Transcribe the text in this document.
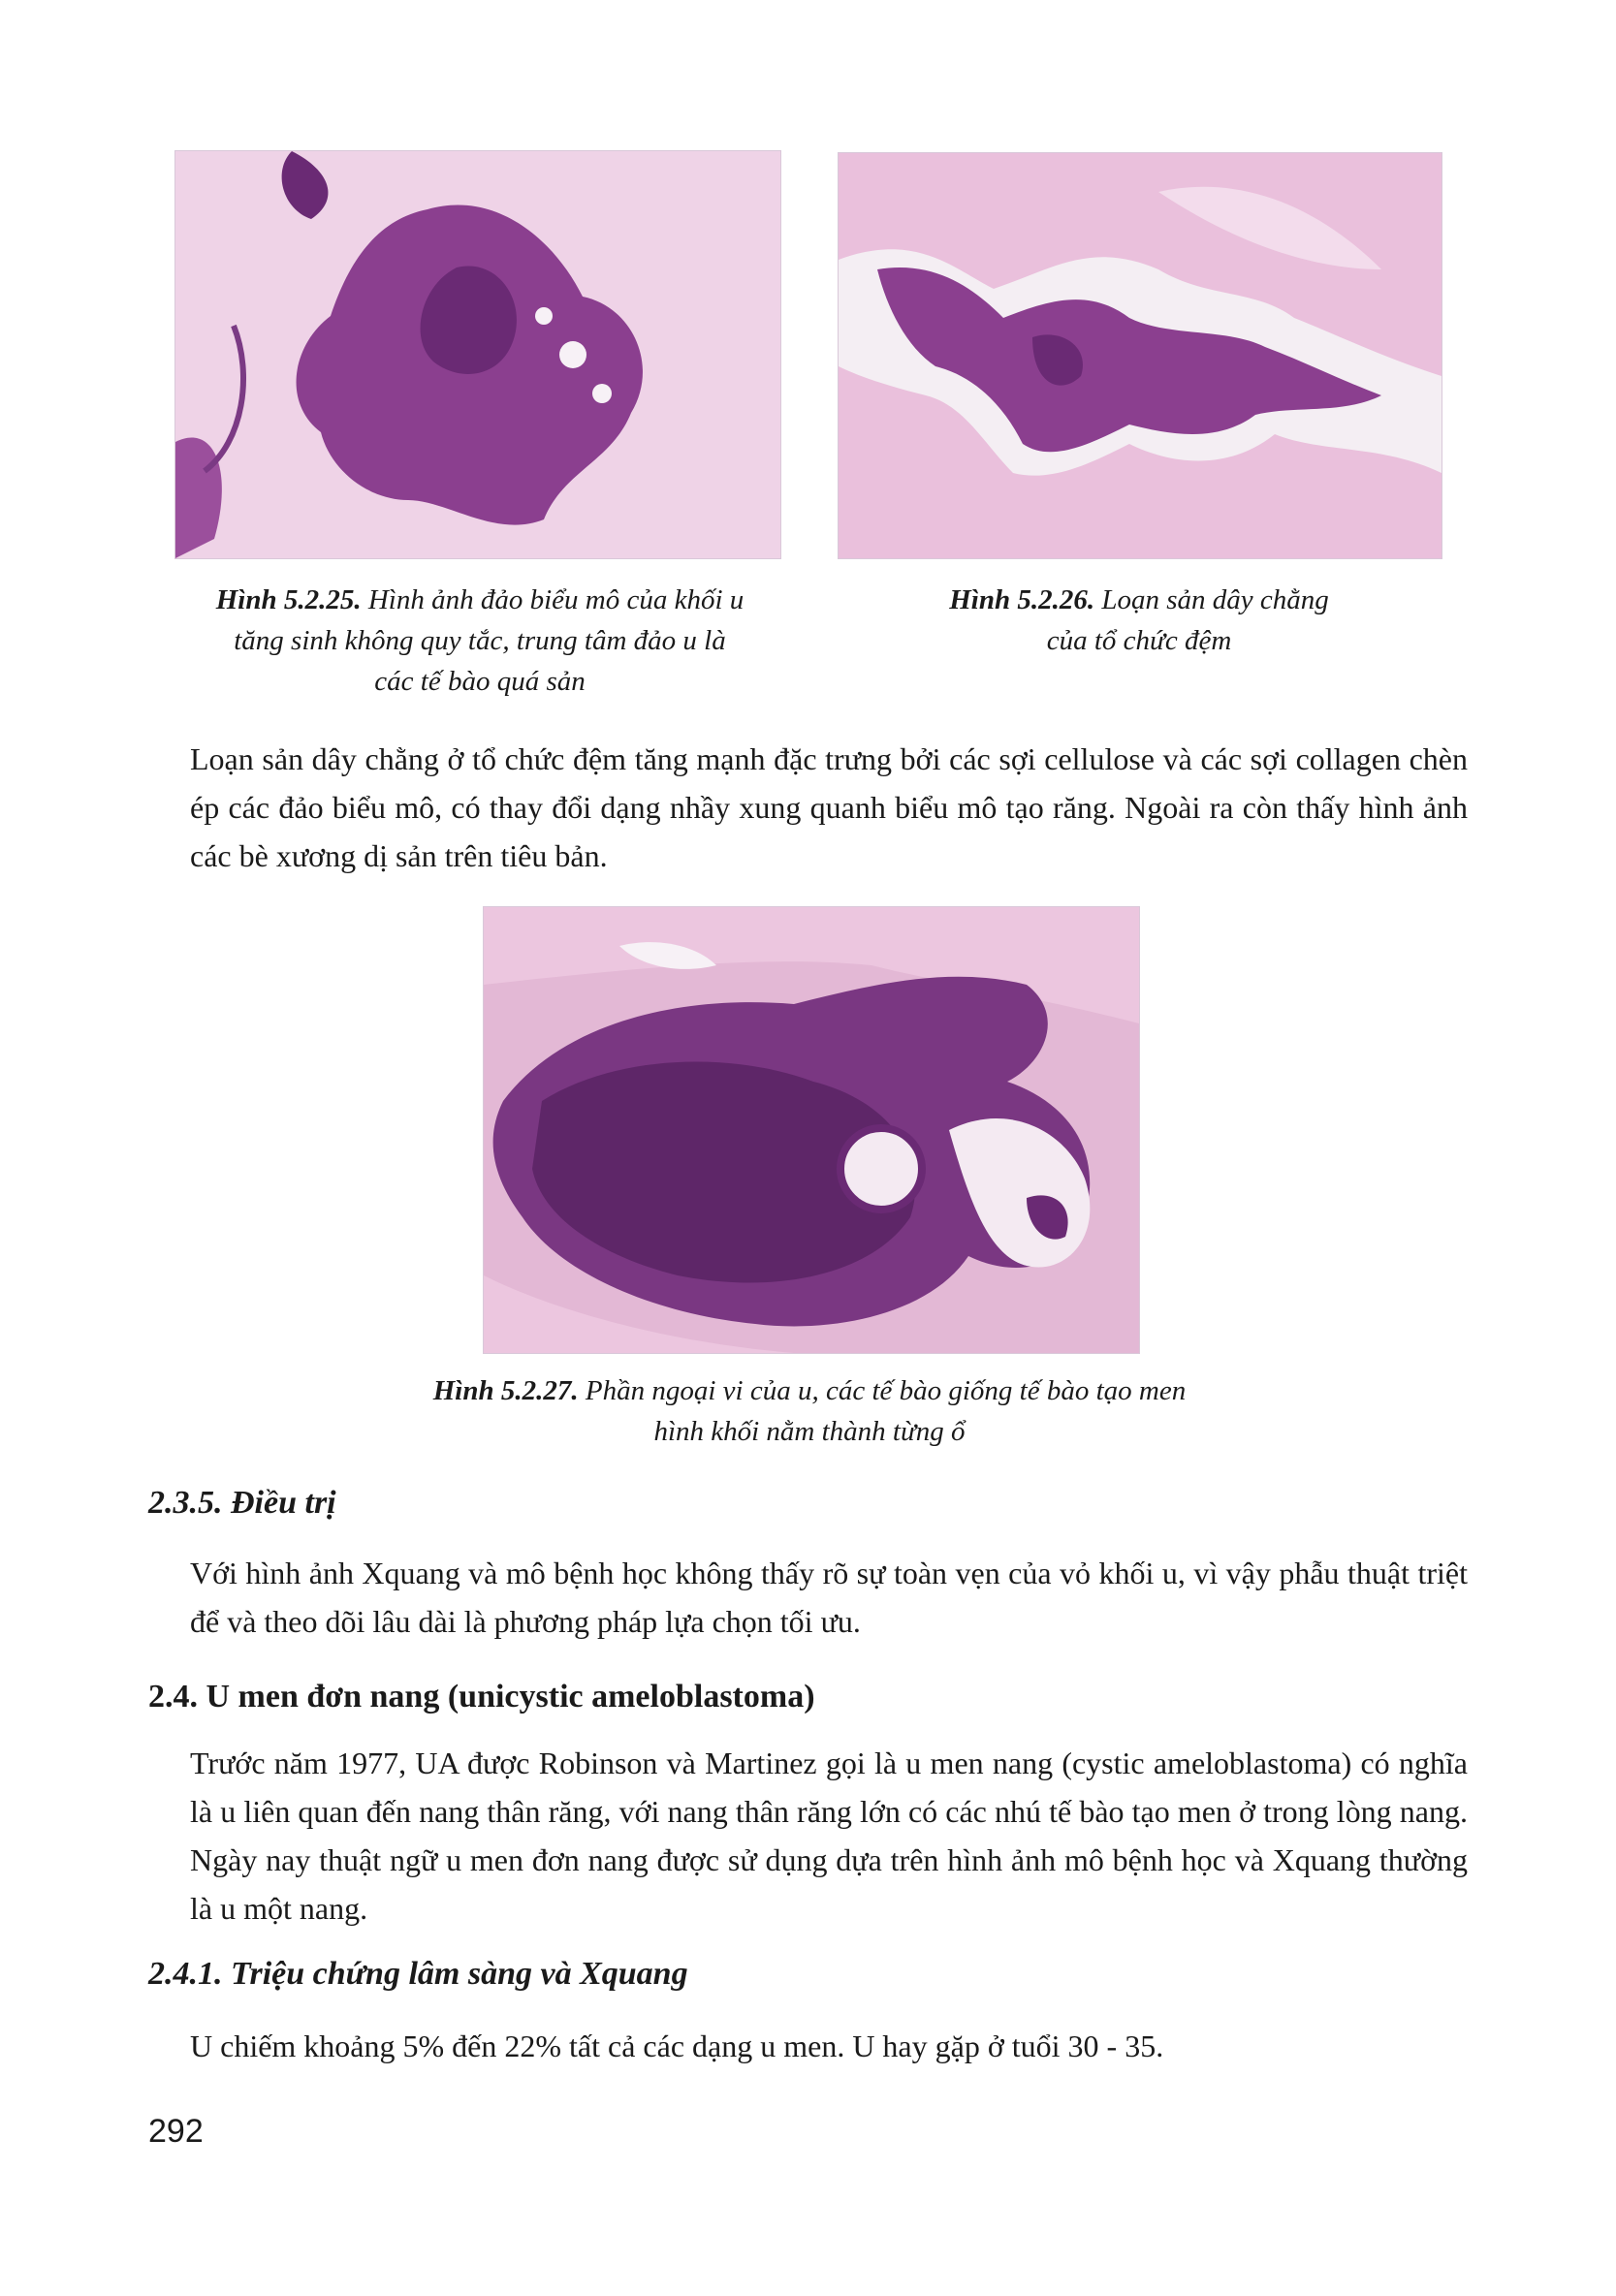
Hình 5.2.25. Hình ảnh đảo biểu mô của khối u
tăng sinh không quy tắc, trung tâm đảo u là
các tế bào quá sản
Hình 5.2.26. Loạn sản dây chằng
của tổ chức đệm

Loạn sản dây chằng ở tổ chức đệm tăng mạnh đặc trưng bởi các sợi cellulose và các sợi collagen chèn ép các đảo biểu mô, có thay đổi dạng nhầy xung quanh biểu mô tạo răng. Ngoài ra còn thấy hình ảnh các bè xương dị sản trên tiêu bản.

Hình 5.2.27. Phần ngoại vi của u, các tế bào giống tế bào tạo men
hình khối nằm thành từng ổ
2.3.5. Điều trị

Với hình ảnh Xquang và mô bệnh học không thấy rõ sự toàn vẹn của vỏ khối u, vì vậy phẫu thuật triệt để và theo dõi lâu dài là phương pháp lựa chọn tối ưu.

2.4. U men đơn nang (unicystic ameloblastoma)

Trước năm 1977, UA được Robinson và Martinez gọi là u men nang (cystic ameloblastoma) có nghĩa là u liên quan đến nang thân răng, với nang thân răng lớn có các nhú tế bào tạo men ở trong lòng nang. Ngày nay thuật ngữ u men đơn nang được sử dụng dựa trên hình ảnh mô bệnh học và Xquang thường là u một nang.

2.4.1. Triệu chứng lâm sàng và Xquang

U chiếm khoảng 5% đến 22% tất cả các dạng u men. U hay gặp ở tuổi 30 - 35.

292
